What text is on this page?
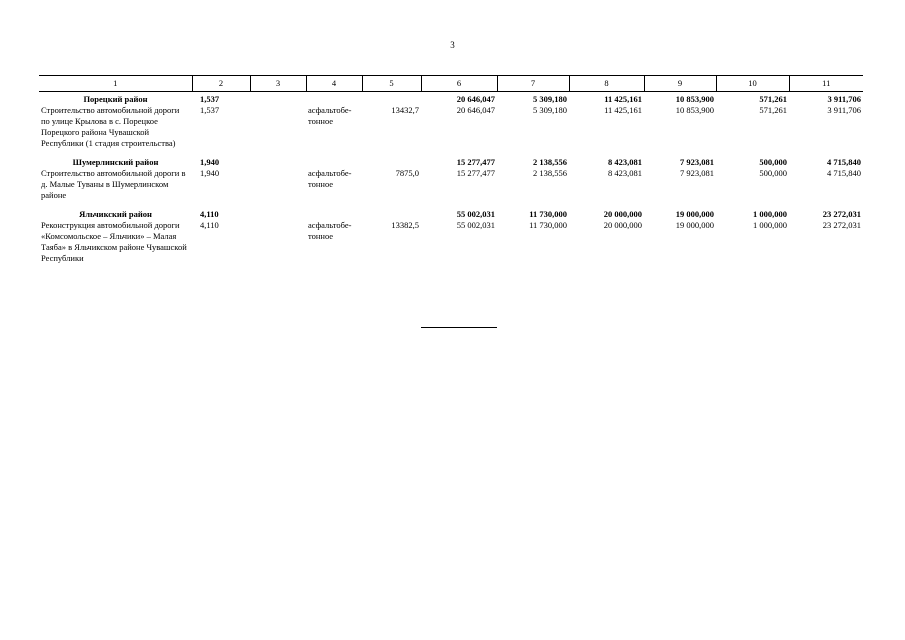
3
1	2	3	4	5	6	7	8	9	10	11
Порецкий район	1,537				20 646,047	5 309,180	11 425,161	10 853,900	571,261	3 911,706
Строительство автомобильной дороги по улице Крылова в с. Порецкое Порецкого района Чувашской Республики (1 стадия строительства)	1,537		асфальтобе-тонное	13432,7	20 646,047	5 309,180	11 425,161	10 853,900	571,261	3 911,706
Шумерлинский район	1,940				15 277,477	2 138,556	8 423,081	7 923,081	500,000	4 715,840
Строительство автомобильной дороги в д. Малые Туваны в Шумерлинском районе	1,940		асфальтобе-тонное	7875,0	15 277,477	2 138,556	8 423,081	7 923,081	500,000	4 715,840
Яльчикский район	4,110				55 002,031	11 730,000	20 000,000	19 000,000	1 000,000	23 272,031
Реконструкция автомобильной дороги «Комсомольское – Яльчики» – Малая Таяба» в Яльчикском районе Чувашской Республики	4,110		асфальтобе-тонное	13382,5	55 002,031	11 730,000	20 000,000	19 000,000	1 000,000	23 272,031
